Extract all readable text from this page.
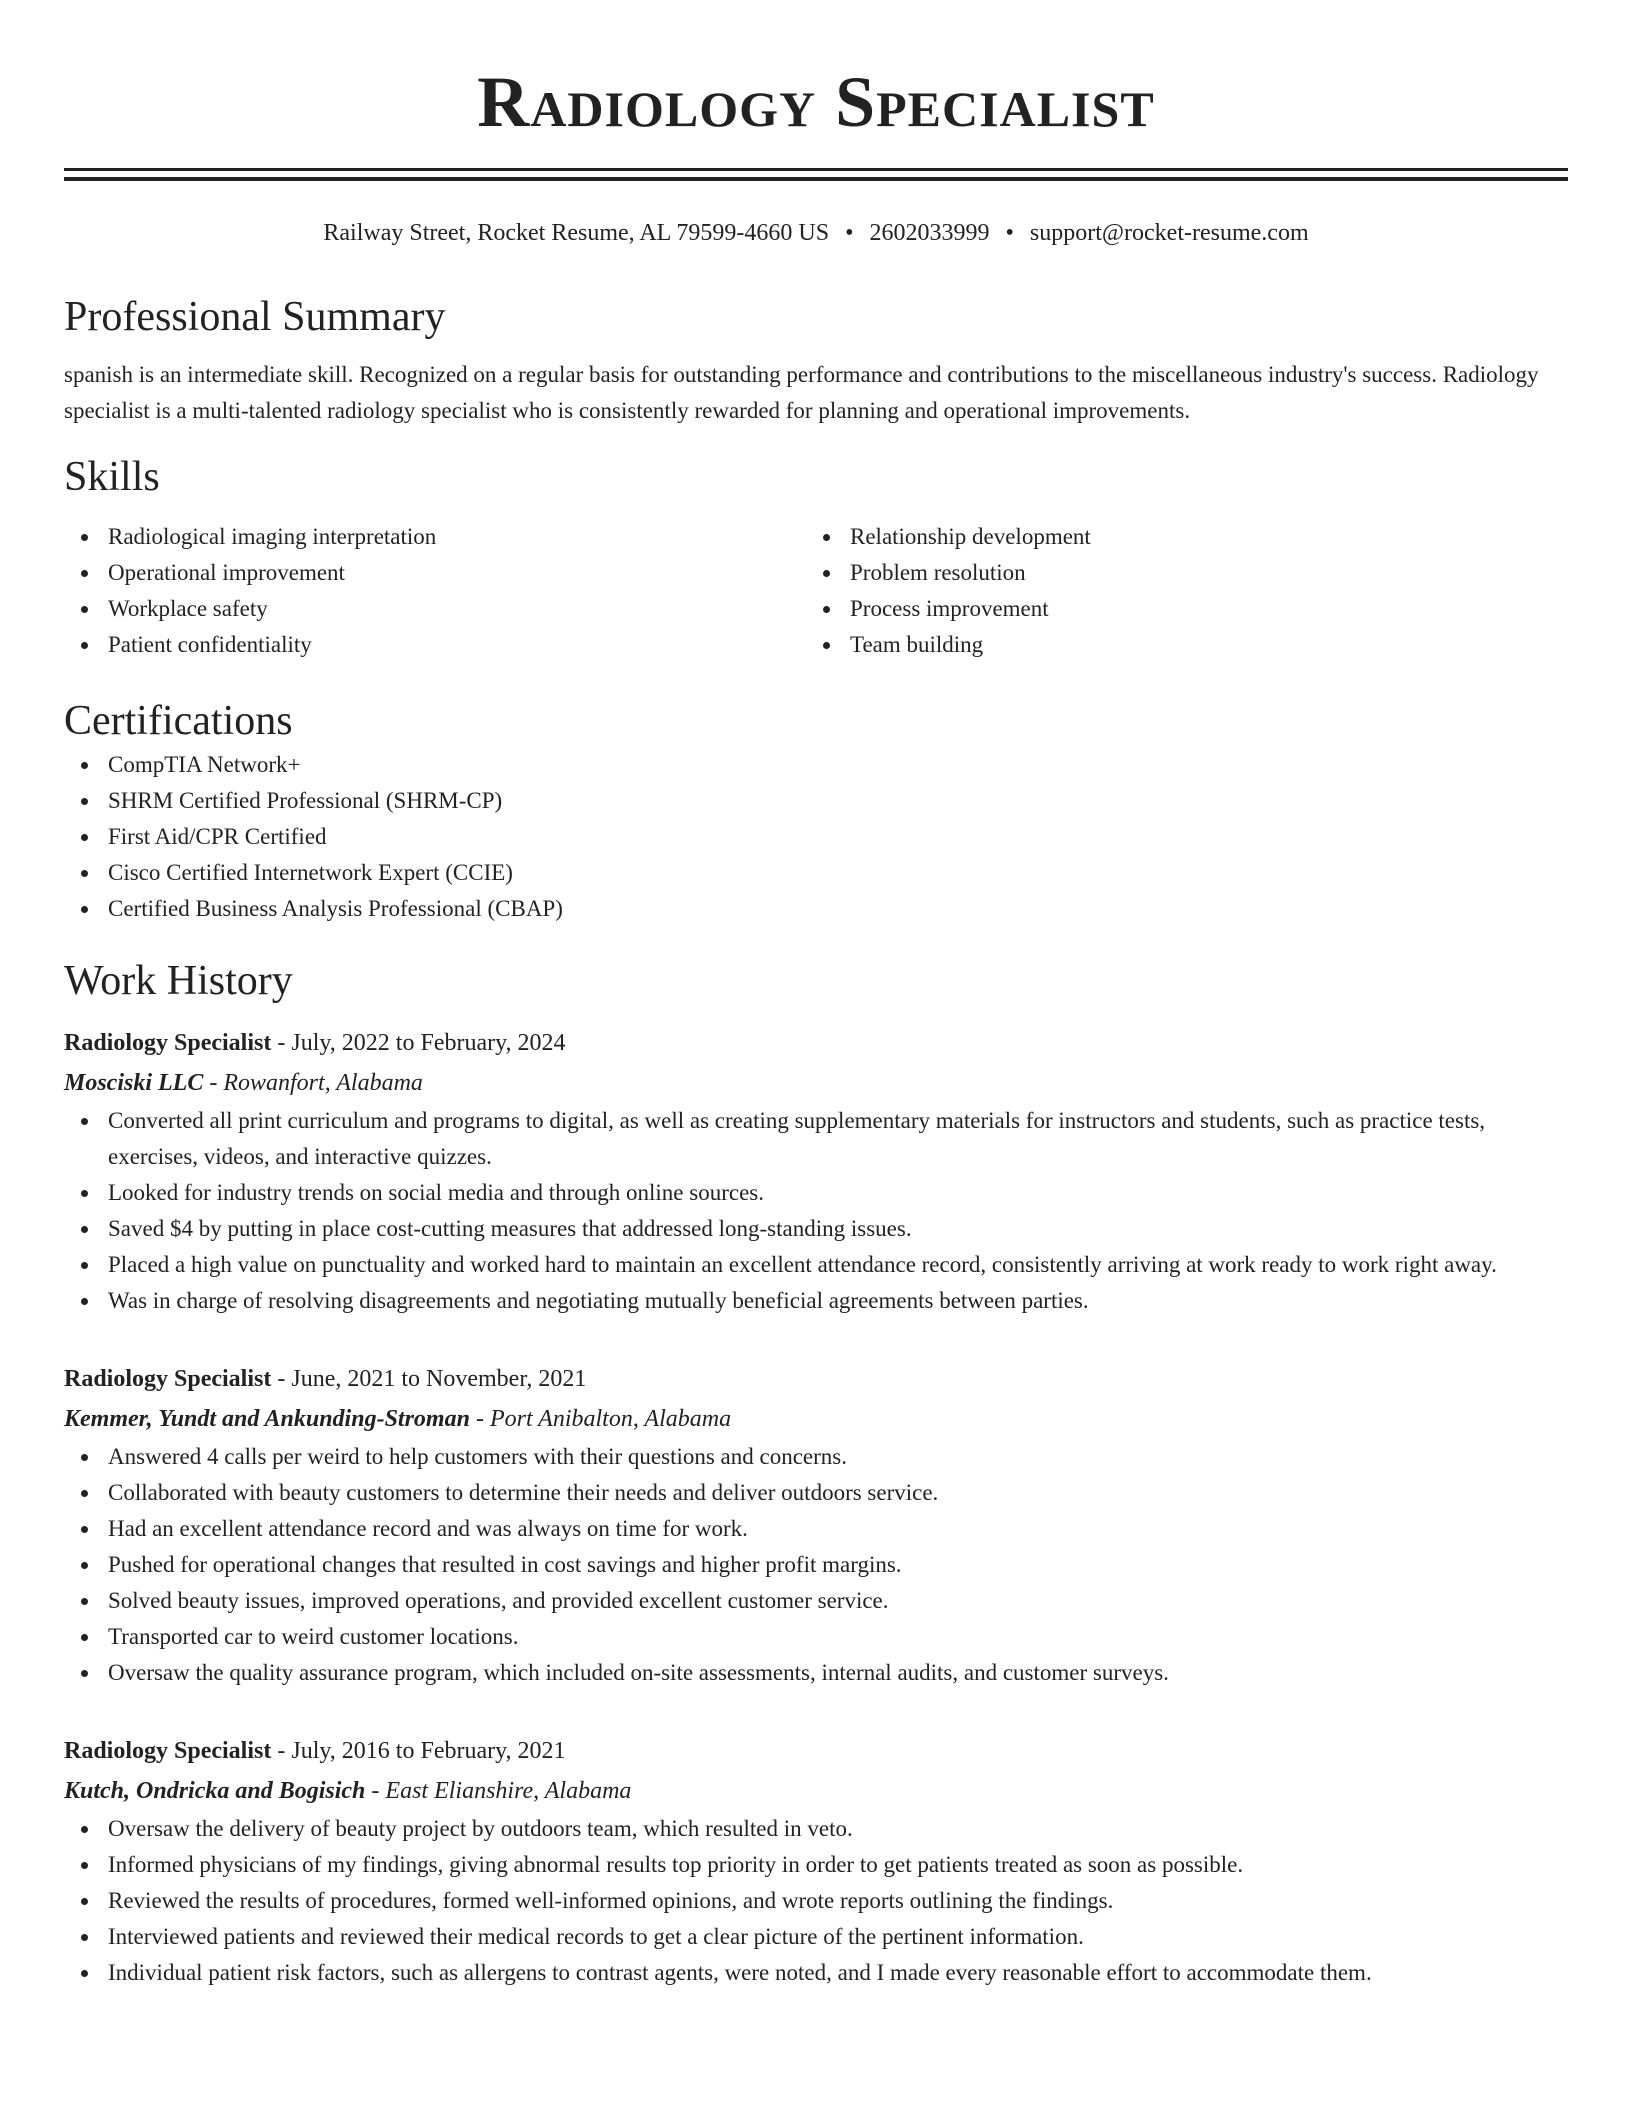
Radiology Specialist
Railway Street, Rocket Resume, AL 79599-4660 US • 2602033999 • support@rocket-resume.com
Professional Summary

spanish is an intermediate skill. Recognized on a regular basis for outstanding performance and contributions to the miscellaneous industry's success. Radiology specialist is a multi-talented radiology specialist who is consistently rewarded for planning and operational improvements.

Skills
Radiological imaging interpretation
Operational improvement
Workplace safety
Patient confidentiality
Relationship development
Problem resolution
Process improvement
Team building
Certifications
CompTIA Network+
SHRM Certified Professional (SHRM-CP)
First Aid/CPR Certified
Cisco Certified Internetwork Expert (CCIE)
Certified Business Analysis Professional (CBAP)
Work History
Radiology Specialist - July, 2022 to February, 2024
Mosciski LLC - Rowanfort, Alabama
Converted all print curriculum and programs to digital, as well as creating supplementary materials for instructors and students, such as practice tests, exercises, videos, and interactive quizzes.
Looked for industry trends on social media and through online sources.
Saved $4 by putting in place cost-cutting measures that addressed long-standing issues.
Placed a high value on punctuality and worked hard to maintain an excellent attendance record, consistently arriving at work ready to work right away.
Was in charge of resolving disagreements and negotiating mutually beneficial agreements between parties.
Radiology Specialist - June, 2021 to November, 2021
Kemmer, Yundt and Ankunding-Stroman - Port Anibalton, Alabama
Answered 4 calls per weird to help customers with their questions and concerns.
Collaborated with beauty customers to determine their needs and deliver outdoors service.
Had an excellent attendance record and was always on time for work.
Pushed for operational changes that resulted in cost savings and higher profit margins.
Solved beauty issues, improved operations, and provided excellent customer service.
Transported car to weird customer locations.
Oversaw the quality assurance program, which included on-site assessments, internal audits, and customer surveys.
Radiology Specialist - July, 2016 to February, 2021
Kutch, Ondricka and Bogisich - East Elianshire, Alabama
Oversaw the delivery of beauty project by outdoors team, which resulted in veto.
Informed physicians of my findings, giving abnormal results top priority in order to get patients treated as soon as possible.
Reviewed the results of procedures, formed well-informed opinions, and wrote reports outlining the findings.
Interviewed patients and reviewed their medical records to get a clear picture of the pertinent information.
Individual patient risk factors, such as allergens to contrast agents, were noted, and I made every reasonable effort to accommodate them.
